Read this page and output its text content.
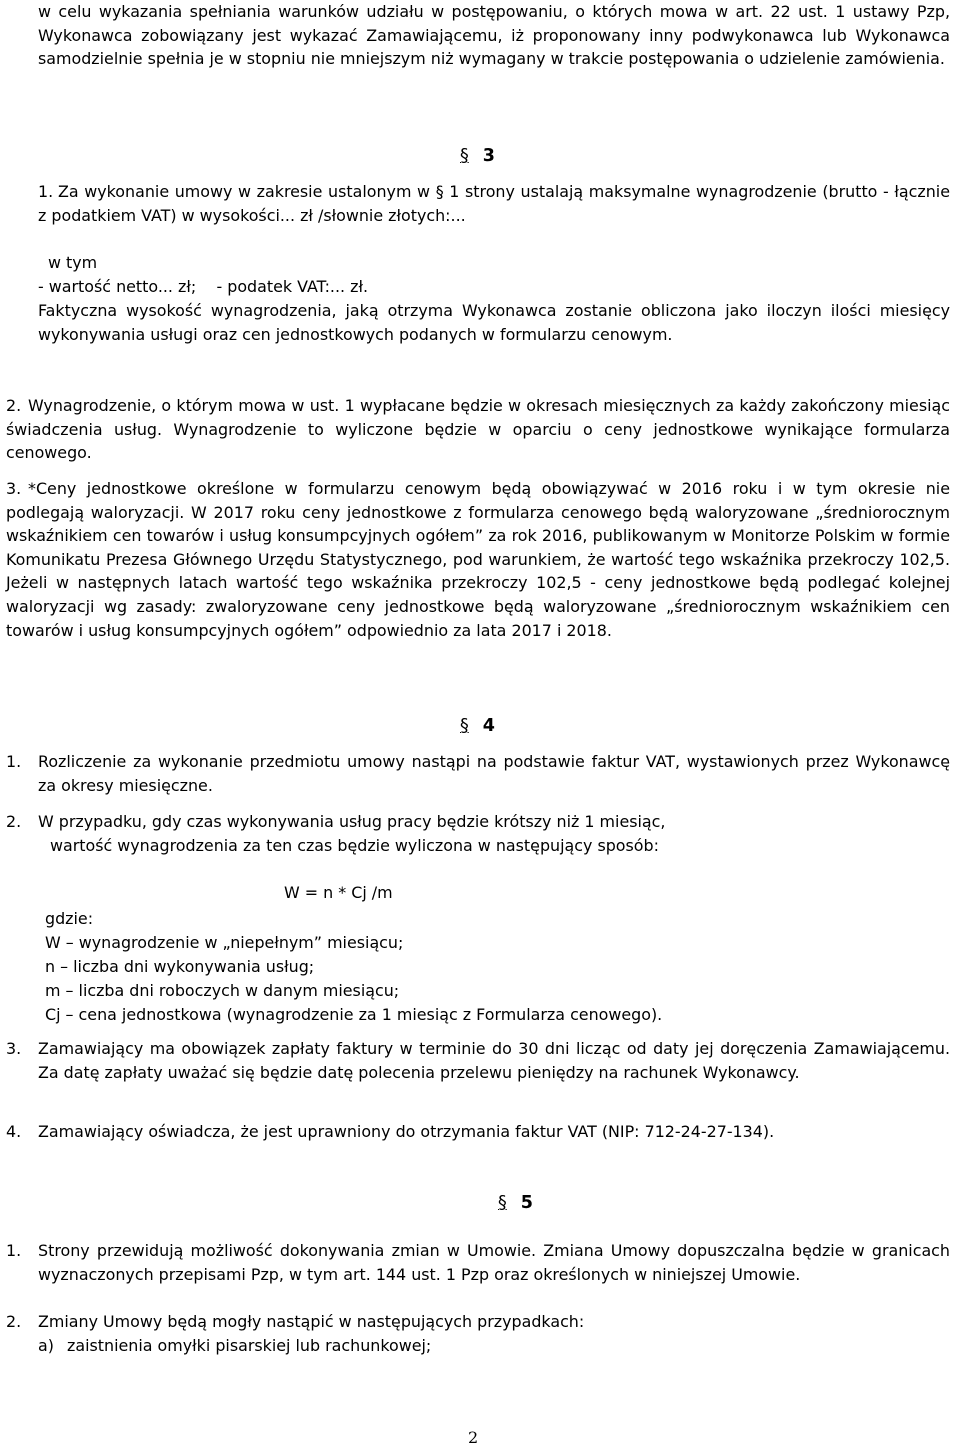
w celu wykazania spełniania warunków udziału w postępowaniu, o których mowa w art. 22 ust. 1 ustawy Pzp, Wykonawca zobowiązany jest wykazać Zamawiającemu, iż proponowany inny podwykonawca lub Wykonawca samodzielnie spełnia je w stopniu nie mniejszym niż wymagany w trakcie postępowania o udzielenie zamówienia.

§ 3
1. Za wykonanie umowy w zakresie ustalonym w § 1 strony ustalają maksymalne wynagrodzenie (brutto - łącznie z podatkiem VAT) w wysokości... zł /słownie złotych:...

w tym

- wartość netto... zł;    - podatek VAT:... zł.

Faktyczna wysokość wynagrodzenia, jaką otrzyma Wykonawca zostanie obliczona jako iloczyn ilości miesięcy wykonywania usługi oraz cen jednostkowych podanych w formularzu cenowym.

2. Wynagrodzenie, o którym mowa w ust. 1 wypłacane będzie w okresach miesięcznych za każdy zakończony miesiąc świadczenia usług. Wynagrodzenie to wyliczone będzie w oparciu o ceny jednostkowe wynikające formularza cenowego.

3. *Ceny jednostkowe określone w formularzu cenowym będą obowiązywać w 2016 roku i w tym okresie nie podlegają waloryzacji. W 2017 roku ceny jednostkowe z formularza cenowego będą waloryzowane „średniorocznym wskaźnikiem cen towarów i usług konsumpcyjnych ogółem” za rok 2016, publikowanym w Monitorze Polskim w formie Komunikatu Prezesa Głównego Urzędu Statystycznego, pod warunkiem, że wartość tego wskaźnika przekroczy 102,5. Jeżeli w następnych latach wartość tego wskaźnika przekroczy 102,5 - ceny jednostkowe będą podlegać kolejnej waloryzacji wg zasady: zwaloryzowane ceny jednostkowe będą waloryzowane „średniorocznym wskaźnikiem cen towarów i usług konsumpcyjnych ogółem” odpowiednio za lata 2017 i 2018.

§ 4
1. Rozliczenie za wykonanie przedmiotu umowy nastąpi na podstawie faktur VAT, wystawionych przez Wykonawcę za okresy miesięczne.

2. W przypadku, gdy czas wykonywania usług pracy będzie krótszy niż 1 miesiąc,

wartość wynagrodzenia za ten czas będzie wyliczona w następujący sposób:

W = n * Cj /m

gdzie:

W – wynagrodzenie w „niepełnym” miesiącu;

n – liczba dni wykonywania usług;

m – liczba dni roboczych w danym miesiącu;

Cj – cena jednostkowa (wynagrodzenie za 1 miesiąc z Formularza cenowego).

3. Zamawiający ma obowiązek zapłaty faktury w terminie do 30 dni licząc od daty jej doręczenia Zamawiającemu. Za datę zapłaty uważać się będzie datę polecenia przelewu pieniędzy na rachunek Wykonawcy.

4. Zamawiający oświadcza, że jest uprawniony do otrzymania faktur VAT (NIP: 712-24-27-134).

§ 5
1. Strony przewidują możliwość dokonywania zmian w Umowie. Zmiana Umowy dopuszczalna będzie w granicach wyznaczonych przepisami Pzp, w tym art. 144 ust. 1 Pzp oraz określonych w niniejszej Umowie.

2. Zmiany Umowy będą mogły nastąpić w następujących przypadkach:

a) zaistnienia omyłki pisarskiej lub rachunkowej;
2
